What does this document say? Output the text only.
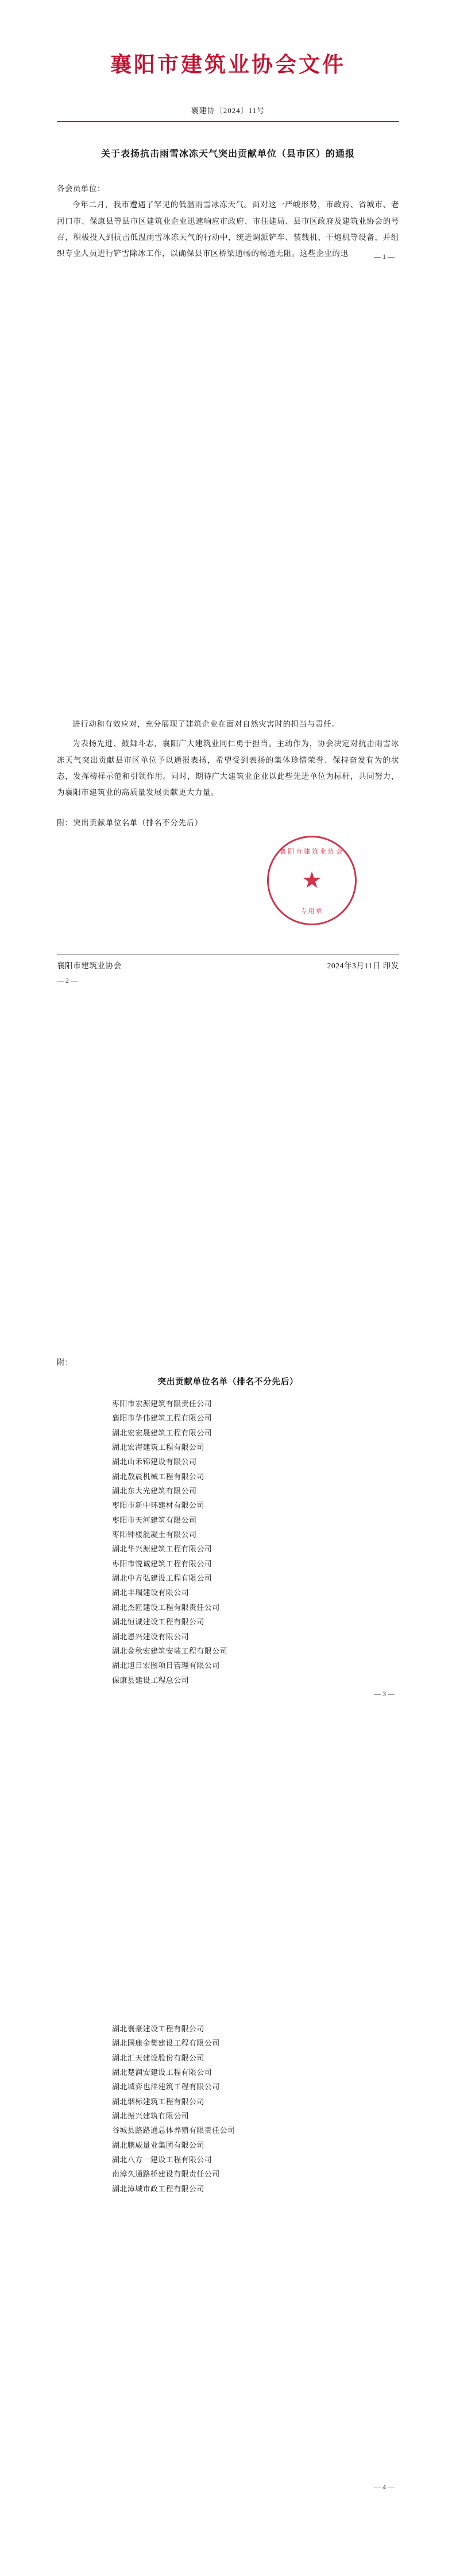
襄阳市建筑业协会文件
襄建协〔2024〕11号
关于表扬抗击雨雪冰冻天气突出贡献单位（县市区）的通报
各会员单位：

今年二月，我市遭遇了罕见的低温雨雪冰冻天气。面对这一严峻形势，市政府、省城市、老河口市、保康县等县市区建筑业企业迅速响应市政府、市住建局、县市区政府及建筑业协会的号召，积极投入到抗击低温雨雪冰冻天气的行动中，统进调派铲车、装载机、干炮机等设备，并组织专业人员进行铲雪除冰工作，以确保县市区桥梁通畅的畅通无阻。这些企业的迅	— 1 —

进行动和有效应对，充分展现了建筑企业在面对自然灾害时的担当与责任。

为表扬先进、鼓舞斗志，襄阳广大建筑业同仁勇于担当。主动作为，协会决定对抗击雨雪冰冻天气突出贡献县市区单位予以通报表扬，希望受到表扬的集体珍惜荣誉、保持奋发有为的状态，发挥榜样示范和引领作用。同时，期待广大建筑业企业以此些先进单位为标杆，共同努力，为襄阳市建筑业的高质量发展贡献更大力量。

附：突出贡献单位名单（排名不分先后）
襄阳市建筑业协会
★
专用章
襄阳市建筑业协会	2024年3月11日 印发
— 2 —
附：
突出贡献单位名单（排名不分先后）
枣阳市宏源建筑有限责任公司
襄阳市华伟建筑工程有限公司
湖北宏宏晟建筑工程有限公司
湖北宏海建筑工程有限公司
湖北山禾锦建设有限公司
湖北敖晨机械工程有限公司
湖北东大光建筑有限公司
枣阳市新中环建材有限公司
枣阳市天河建筑有限公司
枣阳钟楼混凝土有限公司
湖北华兴源建筑工程有限公司
枣阳市悦诚建筑工程有限公司
湖北中方弘建设工程有限公司
湖北丰瑞建设有限公司
湖北杰匠建设工程有限责任公司
湖北恒诚建设工程有限公司
湖北恩兴建设有限公司
湖北金秋宏建筑安装工程有限公司
湖北旭日宏图项目管理有限公司
保康县建设工程总公司
— 3 —
湖北襄豪建设工程有限公司
湖北国康金樊建设工程有限公司
湖北汇天建设股份有限公司
湖北楚润安建设工程有限公司
湖北城弈也沣建筑工程有限公司
湖北烟标建筑工程有限公司
湖北振兴建筑有限公司
谷城县路路通总体养殖有限责任公司
湖北鹏威量业集团有限公司
湖北八方一建设工程有限公司
南漳久通路桥建设有限责任公司
湖北漳城市政工程有限公司
— 4 —
